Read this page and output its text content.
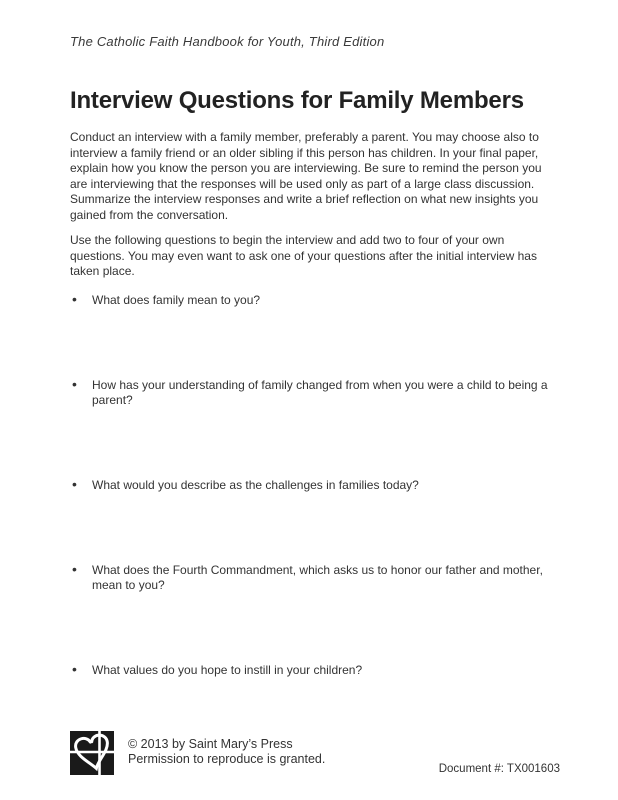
The Catholic Faith Handbook for Youth, Third Edition
Interview Questions for Family Members

Conduct an interview with a family member, preferably a parent. You may choose also to interview a family friend or an older sibling if this person has children. In your final paper, explain how you know the person you are interviewing. Be sure to remind the person you are interviewing that the responses will be used only as part of a large class discussion. Summarize the interview responses and write a brief reflection on what new insights you gained from the conversation.

Use the following questions to begin the interview and add two to four of your own questions. You may even want to ask one of your questions after the initial interview has taken place.

• What does family mean to you?
• How has your understanding of family changed from when you were a child to being a parent?
• What would you describe as the challenges in families today?
• What does the Fourth Commandment, which asks us to honor our father and mother, mean to you?
• What values do you hope to instill in your children?
© 2013 by Saint Mary’s Press
Permission to reproduce is granted.
Document #: TX001603
